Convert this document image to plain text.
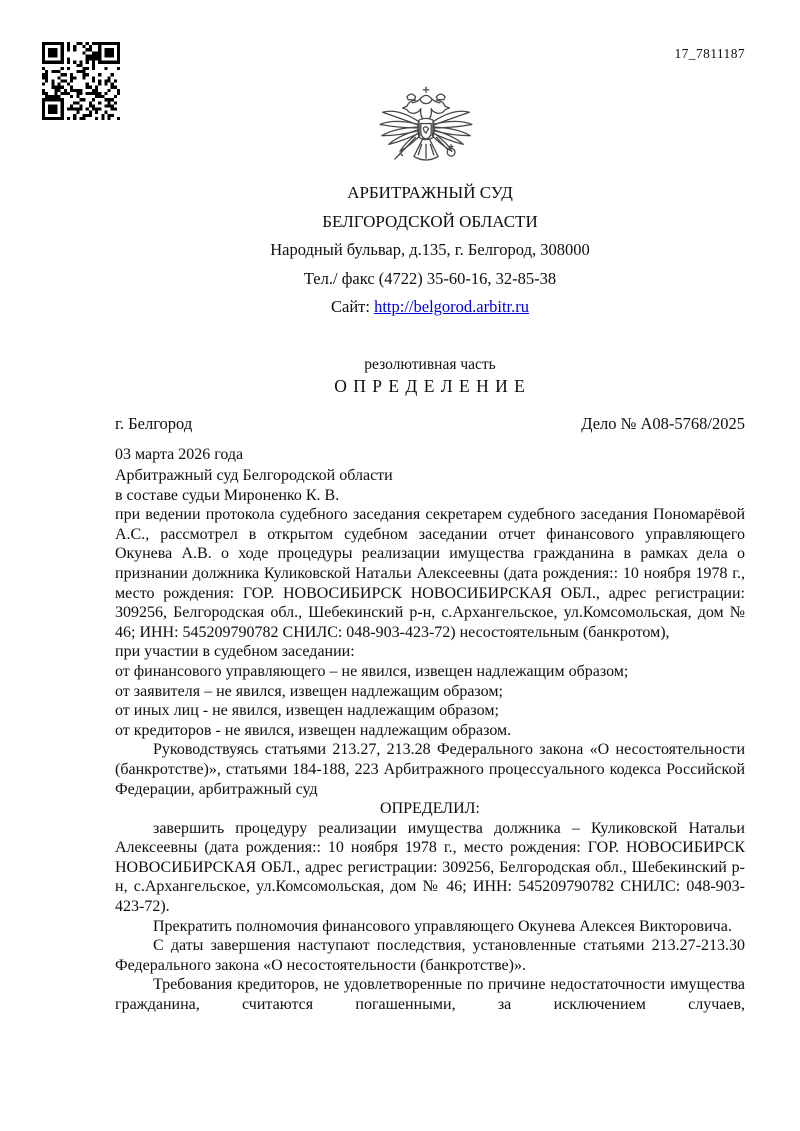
17_7811187
АРБИТРАЖНЫЙ СУД
БЕЛГОРОДСКОЙ ОБЛАСТИ
Народный бульвар, д.135, г. Белгород, 308000
Тел./ факс (4722) 35-60-16, 32-85-38
Сайт: http://belgorod.arbitr.ru
резолютивная часть
О П Р Е Д Е Л Е Н И Е
г. Белгород	Дело № А08-5768/2025
03 марта 2026 года

Арбитражный суд Белгородской области

в составе судьи Мироненко К. В.

при ведении протокола судебного заседания секретарем судебного заседания Пономарёвой А.С., рассмотрел в открытом судебном заседании отчет финансового управляющего Окунева А.В. о ходе процедуры реализации имущества гражданина в рамках дела о признании должника Куликовской Натальи Алексеевны (дата рождения:: 10 ноября 1978 г., место рождения: ГОР. НОВОСИБИРСК НОВОСИБИРСКАЯ ОБЛ., адрес регистрации: 309256, Белгородская обл., Шебекинский р-н, с.Архангельское, ул.Комсомольская, дом № 46; ИНН: 545209790782 СНИЛС: 048-903-423-72) несостоятельным (банкротом),

при участии в судебном заседании:

от финансового управляющего – не явился, извещен надлежащим образом;

от заявителя – не явился, извещен надлежащим образом;

от иных лиц - не явился, извещен надлежащим образом;

от кредиторов - не явился, извещен надлежащим образом.

Руководствуясь статьями 213.27, 213.28 Федерального закона «О несостоятельности (банкротстве)», статьями 184-188, 223 Арбитражного процессуального кодекса Российской Федерации, арбитражный суд

ОПРЕДЕЛИЛ:

завершить процедуру реализации имущества должника – Куликовской Натальи Алексеевны (дата рождения:: 10 ноября 1978 г., место рождения: ГОР. НОВОСИБИРСК НОВОСИБИРСКАЯ ОБЛ., адрес регистрации: 309256, Белгородская обл., Шебекинский р-н, с.Архангельское, ул.Комсомольская, дом № 46; ИНН: 545209790782 СНИЛС: 048-903-423-72).

Прекратить полномочия финансового управляющего Окунева Алексея Викторовича.

С даты завершения наступают последствия, установленные статьями 213.27-213.30 Федерального закона «О несостоятельности (банкротстве)».

Требования кредиторов, не удовлетворенные по причине недостаточности имущества гражданина, считаются погашенными, за исключением случаев,
